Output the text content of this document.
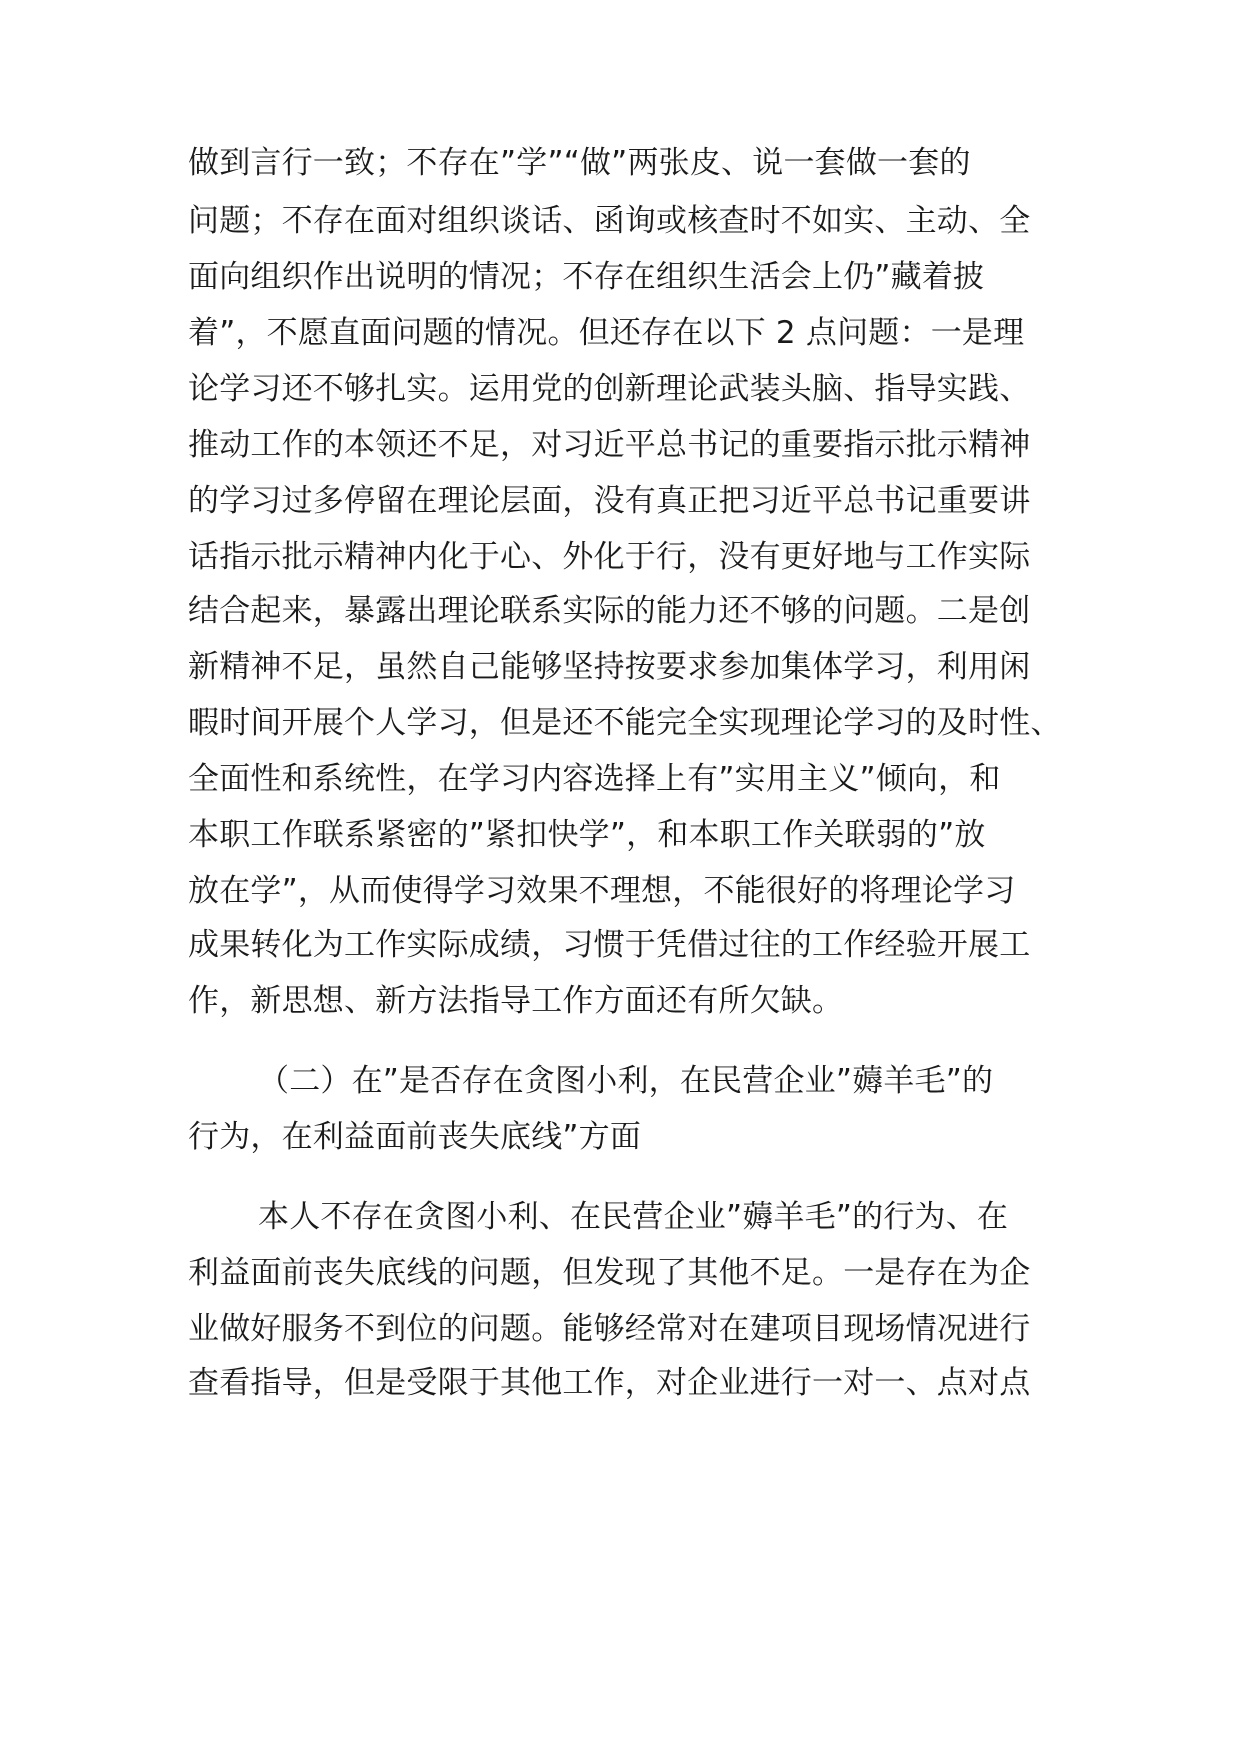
做到言行一致；不存在”学”“做”两张皮、说一套做一套的
问题；不存在面对组织谈话、函询或核查时不如实、主动、全
面向组织作出说明的情况；不存在组织生活会上仍”藏着披
着”，不愿直面问题的情况。但还存在以下 2 点问题：一是理
论学习还不够扎实。运用党的创新理论武装头脑、指导实践、
推动工作的本领还不足，对习近平总书记的重要指示批示精神
的学习过多停留在理论层面，没有真正把习近平总书记重要讲
话指示批示精神内化于心、外化于行，没有更好地与工作实际
结合起来，暴露出理论联系实际的能力还不够的问题。二是创
新精神不足，虽然自己能够坚持按要求参加集体学习，利用闲
暇时间开展个人学习，但是还不能完全实现理论学习的及时性、
全面性和系统性，在学习内容选择上有”实用主义”倾向，和
本职工作联系紧密的”紧扣快学”，和本职工作关联弱的”放
放在学”，从而使得学习效果不理想，不能很好的将理论学习
成果转化为工作实际成绩，习惯于凭借过往的工作经验开展工
作，新思想、新方法指导工作方面还有所欠缺。
（二）在”是否存在贪图小利，在民营企业”薅羊毛”的
行为，在利益面前丧失底线”方面
本人不存在贪图小利、在民营企业”薅羊毛”的行为、在
利益面前丧失底线的问题，但发现了其他不足。一是存在为企
业做好服务不到位的问题。能够经常对在建项目现场情况进行
查看指导，但是受限于其他工作，对企业进行一对一、点对点
